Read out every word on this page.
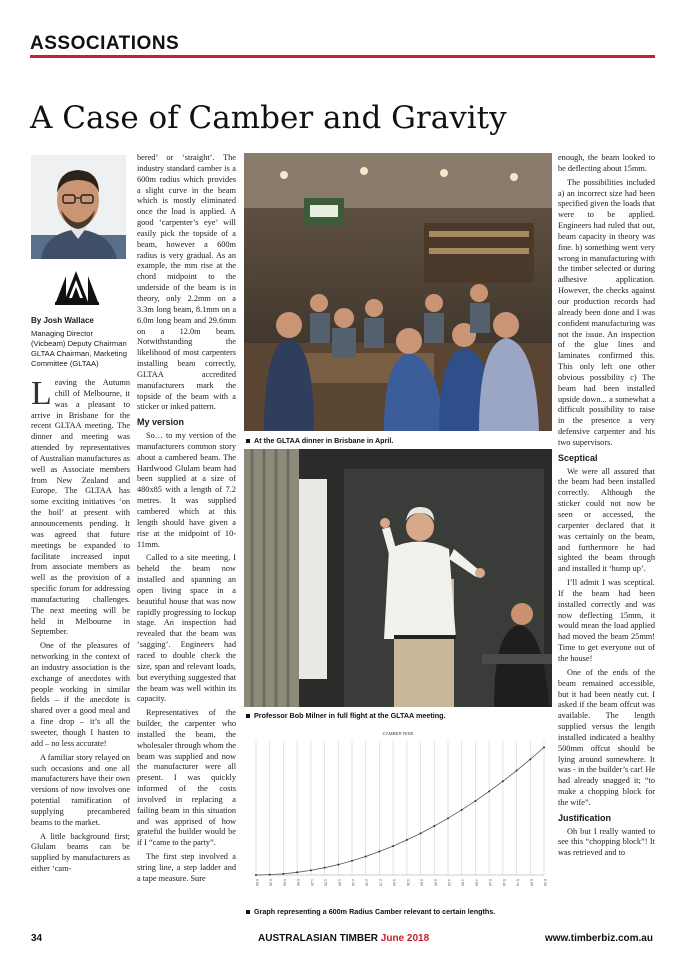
ASSOCIATIONS
A Case of Camber and Gravity
By Josh Wallace
Managing Director (Vicbeam) Deputy Chairman GLTAA Chairman, Marketing Committee (GLTAA)

Leaving the Autumn chill of Melbourne, it was a pleasant to arrive in Brisbane for the recent GLTAA meeting. The dinner and meeting was attended by representatives of Australian manufactures as well as Associate members from New Zealand and Europe. The GLTAA has some exciting initiatives ‘on the boil’ at present with announcements pending. It was agreed that future meetings be expanded to facilitate increased input from associate members as well as the provision of a specific forum for addressing manufacturing challenges. The next meeting will be held in Melbourne in September.

One of the pleasures of networking in the context of an industry association is the exchange of anecdotes with people working in similar fields – if the anecdote is shared over a good meal and a fine drop – it’s all the sweeter, though I hasten to add – no less accurate!

A familiar story relayed on such occasions and one all manufacturers have their own versions of now involves one potential ramification of supplying precambered beams to the market.

A little background first; Glulam beams can be supplied by manufacturers as either ‘cam-

bered’ or ‘straight’. The industry standard camber is a 600m radius which provides a slight curve in the beam which is mostly eliminated once the load is applied. A good ‘carpenter’s eye’ will easily pick the topside of a beam, however a 600m radius is very gradual. As an example, the mm rise at the chord midpoint to the underside of the beam is in theory, only 2.2mm on a 3.3m long beam, 8.1mm on a 6.0m long beam and 29.6mm on a 12.0m beam. Notwithstanding the likelihood of most carpenters installing beam correctly, GLTAA accredited manufacturers mark the topside of the beam with a sticker or inked pattern.

My version

So… to my version of the manufacturers common story about a cambered beam. The Hardwood Glulam beam had been supplied at a size of 480x85 with a length of 7.2 metres. It was supplied cambered which at this length should have given a rise at the midpoint of 10-11mm.

Called to a site meeting, I beheld the beam now installed and spanning an open living space in a beautiful house that was now rapidly progressing to lockup stage. An inspection had revealed that the beam was ‘sagging’. Engineers had raced to double check the size, span and relevant loads, but everything suggested that the beam was well within its capacity.

Representatives of the builder, the carpenter who installed the beam, the wholesaler through whom the beam was supplied and now the manufacturer were all present. I was quickly informed of the costs involved in replacing a failing beam in this situation and was apprised of how grateful the builder would be if I “came to the party”.

The first step involved a string line, a step ladder and a tape measure. Sure

At the GLTAA dinner in Brisbane in April.
Professor Bob Milner in full flight at the GLTAA meeting.
CAMBER RISE
0.00	0.30	0.60	0.90	1.20	1.50	1.80	2.10	2.40	2.70	3.00	3.30	3.60	3.90	4.20	4.50	4.80	5.10	5.40	5.70	6.00	6.30
Graph representing a 600m Radius Camber relevant to certain lengths.

enough, the beam looked to be deflecting about 15mm.

The possibilities included a) an incorrect size had been specified given the loads that were to be applied. Engineers had ruled that out, beam capacity in theory was fine. b) something went very wrong in manufacturing with the timber selected or during adhesive application. However, the checks against our production records had already been done and I was confident manufacturing was not the issue. An inspection of the glue lines and laminates confirmed this. This only left one other obvious possibility c) The beam had been installed upside down... a somewhat a difficult possibility to raise in the presence a very defensive carpenter and his two supervisors.

Sceptical

We were all assured that the beam had been installed correctly. Although the sticker could not now be seen or accessed, the carpenter declared that it was certainly on the beam, and furthermore he had sighted the beam through and installed it ‘hump up’.

I’ll admit I was sceptical. If the beam had been installed correctly and was now deflecting 15mm, it would mean the load applied had moved the beam 25mm! Time to get everyone out of the house!

One of the ends of the beam remained accessible, but it had been neatly cut. I asked if the beam offcut was available. The length supplied versus the length installed indicated a healthy 500mm offcut should be lying around somewhere. It was - in the builder’s car! He had already snagged it; “to make a chopping block for the wife”.

Justification

Oh but I really wanted to see this “chopping block”! It was retrieved and to

34	AUSTRALASIAN TIMBER June 2018	www.timberbiz.com.au
